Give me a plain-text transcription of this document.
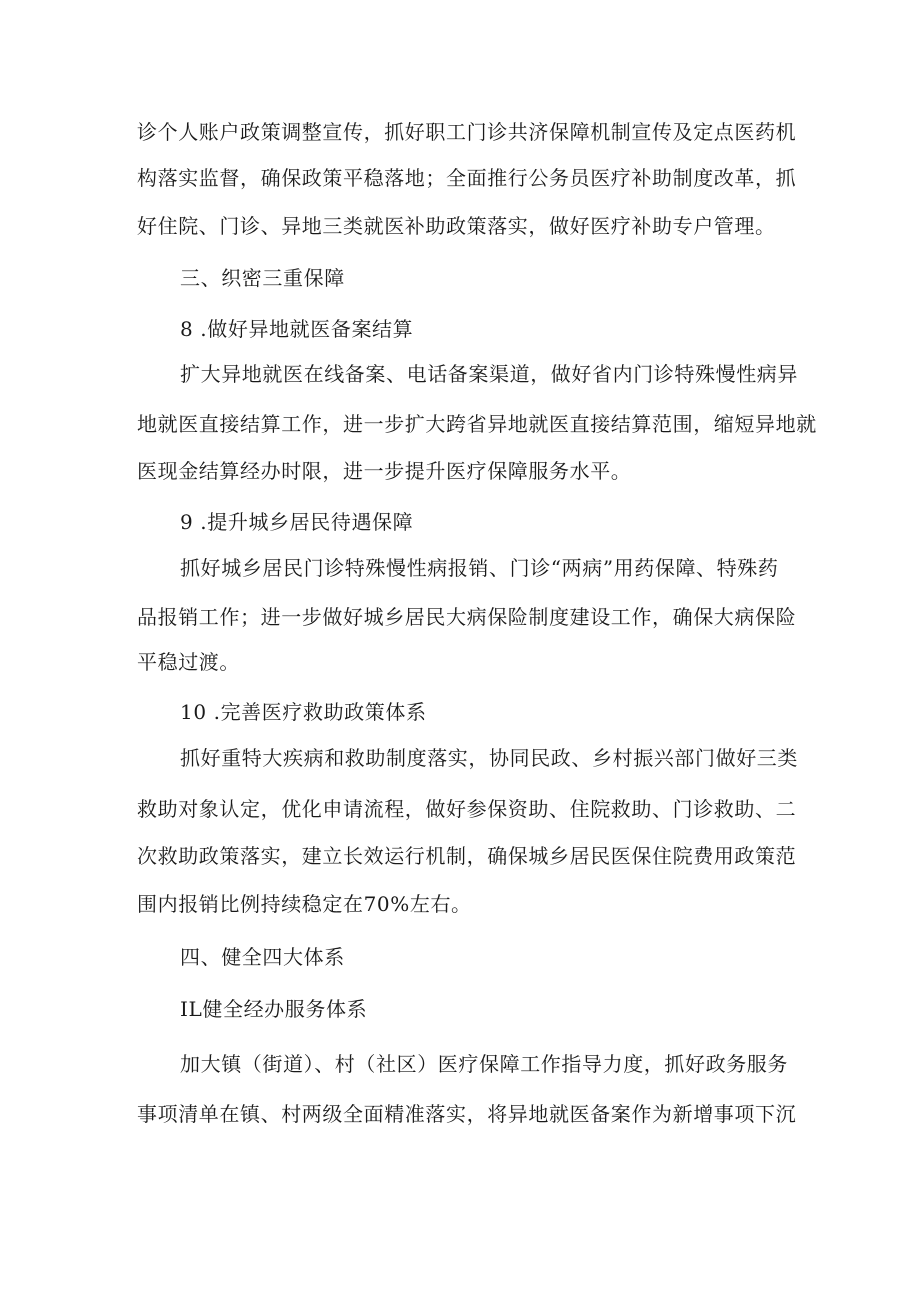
诊个人账户政策调整宣传，抓好职工门诊共济保障机制宣传及定点医药机
构落实监督，确保政策平稳落地；全面推行公务员医疗补助制度改革，抓
好住院、门诊、异地三类就医补助政策落实，做好医疗补助专户管理。
三、织密三重保障
8 .做好异地就医备案结算
扩大异地就医在线备案、电话备案渠道，做好省内门诊特殊慢性病异
地就医直接结算工作，进一步扩大跨省异地就医直接结算范围，缩短异地就
医现金结算经办时限，进一步提升医疗保障服务水平。
9 .提升城乡居民待遇保障
抓好城乡居民门诊特殊慢性病报销、门诊“两病”用药保障、特殊药
品报销工作；进一步做好城乡居民大病保险制度建设工作，确保大病保险
平稳过渡。
10 .完善医疗救助政策体系
抓好重特大疾病和救助制度落实，协同民政、乡村振兴部门做好三类
救助对象认定，优化申请流程，做好参保资助、住院救助、门诊救助、二
次救助政策落实，建立长效运行机制，确保城乡居民医保住院费用政策范
围内报销比例持续稳定在70%左右。
四、健全四大体系
IL健全经办服务体系
加大镇（街道）、村（社区）医疗保障工作指导力度，抓好政务服务
事项清单在镇、村两级全面精准落实，将异地就医备案作为新增事项下沉
